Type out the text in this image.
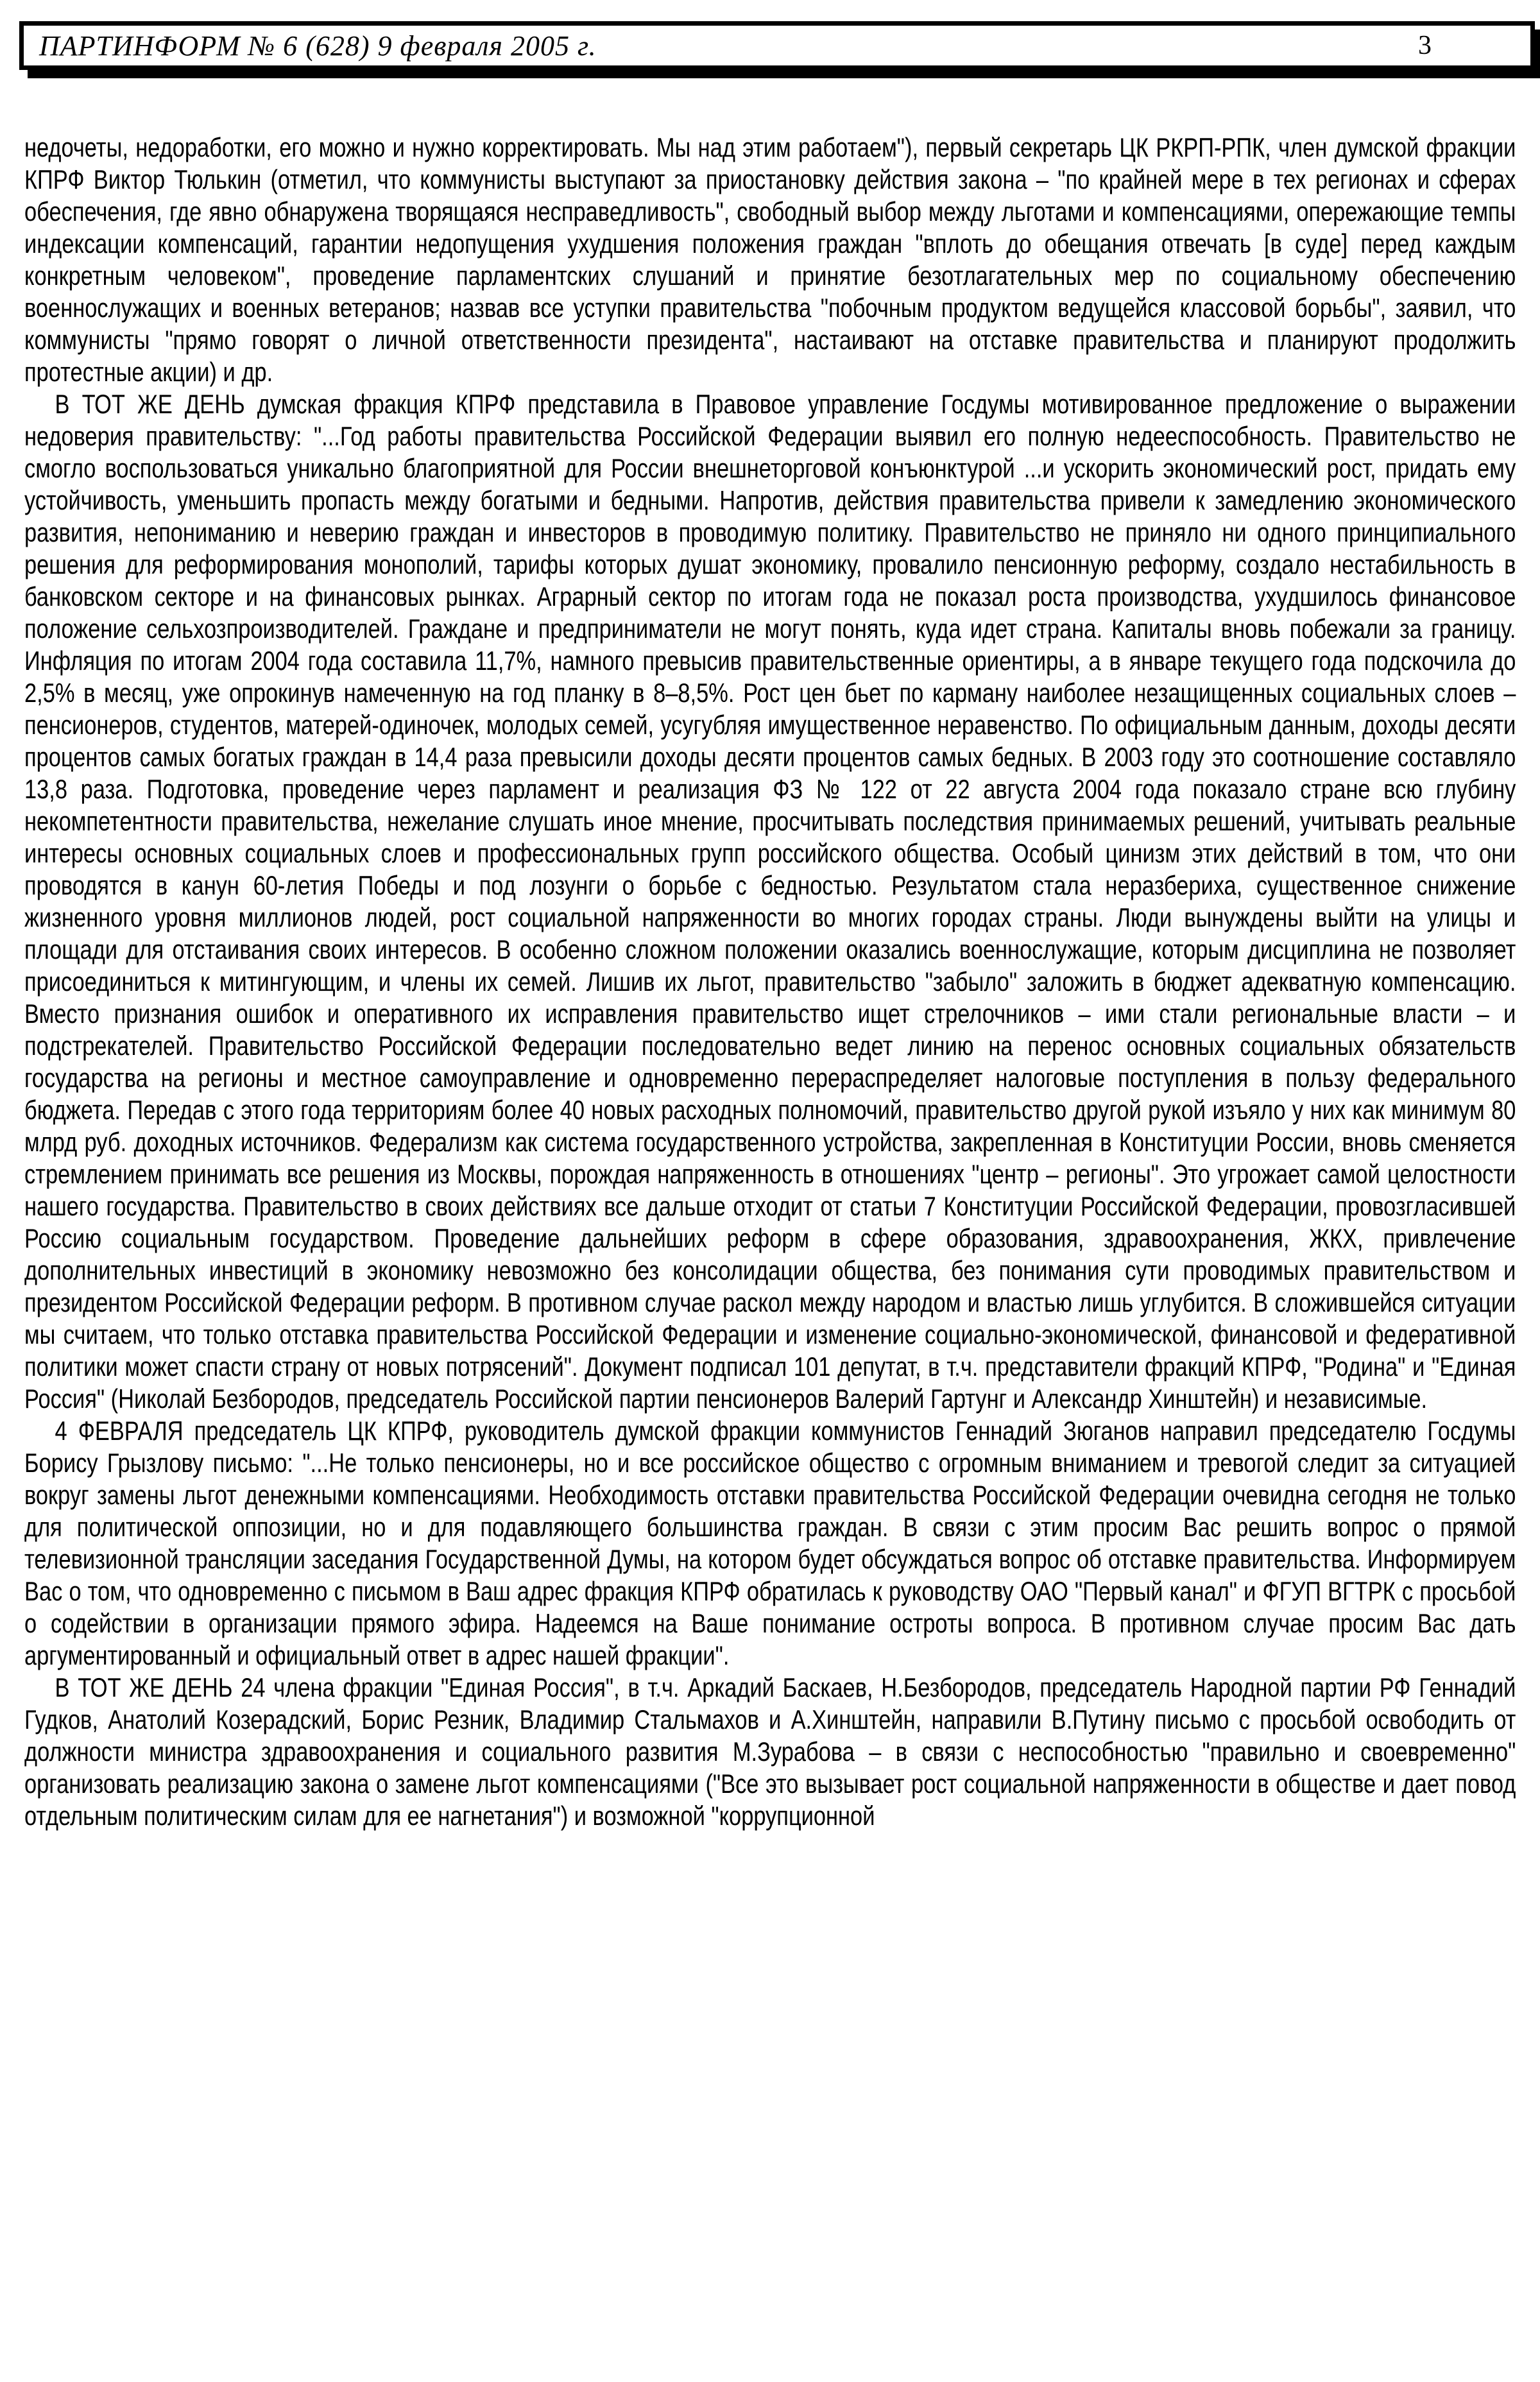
ПАРТИНФОРМ № 6 (628) 9 февраля 2005 г.	3

недочеты, недоработки, его можно и нужно корректировать. Мы над этим работаем"), первый секретарь ЦК РКРП-РПК, член думской фракции КПРФ Виктор Тюлькин (отметил, что коммунисты выступают за приостановку действия закона – "по крайней мере в тех регионах и сферах обеспечения, где явно обнаружена творящаяся несправедливость", свободный выбор между льготами и компенсациями, опережающие темпы индексации компенсаций, гарантии недопущения ухудшения положения граждан "вплоть до обещания отвечать [в суде] перед каждым конкретным человеком", проведение парламентских слушаний и принятие безотлагательных мер по социальному обеспечению военнослужащих и военных ветеранов; назвав все уступки правительства "побочным продуктом ведущейся классовой борьбы", заявил, что коммунисты "прямо говорят о личной ответственности президента", настаивают на отставке правительства и планируют продолжить протестные акции) и др.

В ТОТ ЖЕ ДЕНЬ думская фракция КПРФ представила в Правовое управление Госдумы мотивированное предложение о выражении недоверия правительству: "...Год работы правительства Российской Федерации выявил его полную недееспособность. Правительство не смогло воспользоваться уникально благоприятной для России внешнеторговой конъюнктурой ...и ускорить экономический рост, придать ему устойчивость, уменьшить пропасть между богатыми и бедными. Напротив, действия правительства привели к замедлению экономического развития, непониманию и неверию граждан и инвесторов в проводимую политику. Правительство не приняло ни одного принципиального решения для реформирования монополий, тарифы которых душат экономику, провалило пенсионную реформу, создало нестабильность в банковском секторе и на финансовых рынках. Аграрный сектор по итогам года не показал роста производства, ухудшилось финансовое положение сельхозпроизводителей. Граждане и предприниматели не могут понять, куда идет страна. Капиталы вновь побежали за границу. Инфляция по итогам 2004 года составила 11,7%, намного превысив правительственные ориентиры, а в январе текущего года подскочила до 2,5% в месяц, уже опрокинув намеченную на год планку в 8–8,5%. Рост цен бьет по карману наиболее незащищенных социальных слоев – пенсионеров, студентов, матерей-одиночек, молодых семей, усугубляя имущественное неравенство. По официальным данным, доходы десяти процентов самых богатых граждан в 14,4 раза превысили доходы десяти процентов самых бедных. В 2003 году это соотношение составляло 13,8 раза. Подготовка, проведение через парламент и реализация ФЗ № 122 от 22 августа 2004 года показало стране всю глубину некомпетентности правительства, нежелание слушать иное мнение, просчитывать последствия принимаемых решений, учитывать реальные интересы основных социальных слоев и профессиональных групп российского общества. Особый цинизм этих действий в том, что они проводятся в канун 60-летия Победы и под лозунги о борьбе с бедностью. Результатом стала неразбериха, существенное снижение жизненного уровня миллионов людей, рост социальной напряженности во многих городах страны. Люди вынуждены выйти на улицы и площади для отстаивания своих интересов. В особенно сложном положении оказались военнослужащие, которым дисциплина не позволяет присоединиться к митингующим, и члены их семей. Лишив их льгот, правительство "забыло" заложить в бюджет адекватную компенсацию. Вместо признания ошибок и оперативного их исправления правительство ищет стрелочников – ими стали региональные власти – и подстрекателей. Правительство Российской Федерации последовательно ведет линию на перенос основных социальных обязательств государства на регионы и местное самоуправление и одновременно перераспределяет налоговые поступления в пользу федерального бюджета. Передав с этого года территориям более 40 новых расходных полномочий, правительство другой рукой изъяло у них как минимум 80 млрд руб. доходных источников. Федерализм как система государственного устройства, закрепленная в Конституции России, вновь сменяется стремлением принимать все решения из Москвы, порождая напряженность в отношениях "центр – регионы". Это угрожает самой целостности нашего государства. Правительство в своих действиях все дальше отходит от статьи 7 Конституции Российской Федерации, провозгласившей Россию социальным государством. Проведение дальнейших реформ в сфере образования, здравоохранения, ЖКХ, привлечение дополнительных инвестиций в экономику невозможно без консолидации общества, без понимания сути проводимых правительством и президентом Российской Федерации реформ. В противном случае раскол между народом и властью лишь углубится. В сложившейся ситуации мы считаем, что только отставка правительства Российской Федерации и изменение социально-экономической, финансовой и федеративной политики может спасти страну от новых потрясений". Документ подписал 101 депутат, в т.ч. представители фракций КПРФ, "Родина" и "Единая Россия" (Николай Безбородов, председатель Российской партии пенсионеров Валерий Гартунг и Александр Хинштейн) и независимые.

4 ФЕВРАЛЯ председатель ЦК КПРФ, руководитель думской фракции коммунистов Геннадий Зюганов направил председателю Госдумы Борису Грызлову письмо: "...Не только пенсионеры, но и все российское общество с огромным вниманием и тревогой следит за ситуацией вокруг замены льгот денежными компенсациями. Необходимость отставки правительства Российской Федерации очевидна сегодня не только для политической оппозиции, но и для подавляющего большинства граждан. В связи с этим просим Вас решить вопрос о прямой телевизионной трансляции заседания Государственной Думы, на котором будет обсуждаться вопрос об отставке правительства. Информируем Вас о том, что одновременно с письмом в Ваш адрес фракция КПРФ обратилась к руководству ОАО "Первый канал" и ФГУП ВГТРК с просьбой о содействии в организации прямого эфира. Надеемся на Ваше понимание остроты вопроса. В противном случае просим Вас дать аргументированный и официальный ответ в адрес нашей фракции".

В ТОТ ЖЕ ДЕНЬ 24 члена фракции "Единая Россия", в т.ч. Аркадий Баскаев, Н.Безбородов, председатель Народной партии РФ Геннадий Гудков, Анатолий Козерадский, Борис Резник, Владимир Стальмахов и А.Хинштейн, направили В.Путину письмо с просьбой освободить от должности министра здравоохранения и социального развития М.Зурабова – в связи с неспособностью "правильно и своевременно" организовать реализацию закона о замене льгот компенсациями ("Все это вызывает рост социальной напряженности в обществе и дает повод отдельным политическим силам для ее нагнетания") и возможной "коррупционной
